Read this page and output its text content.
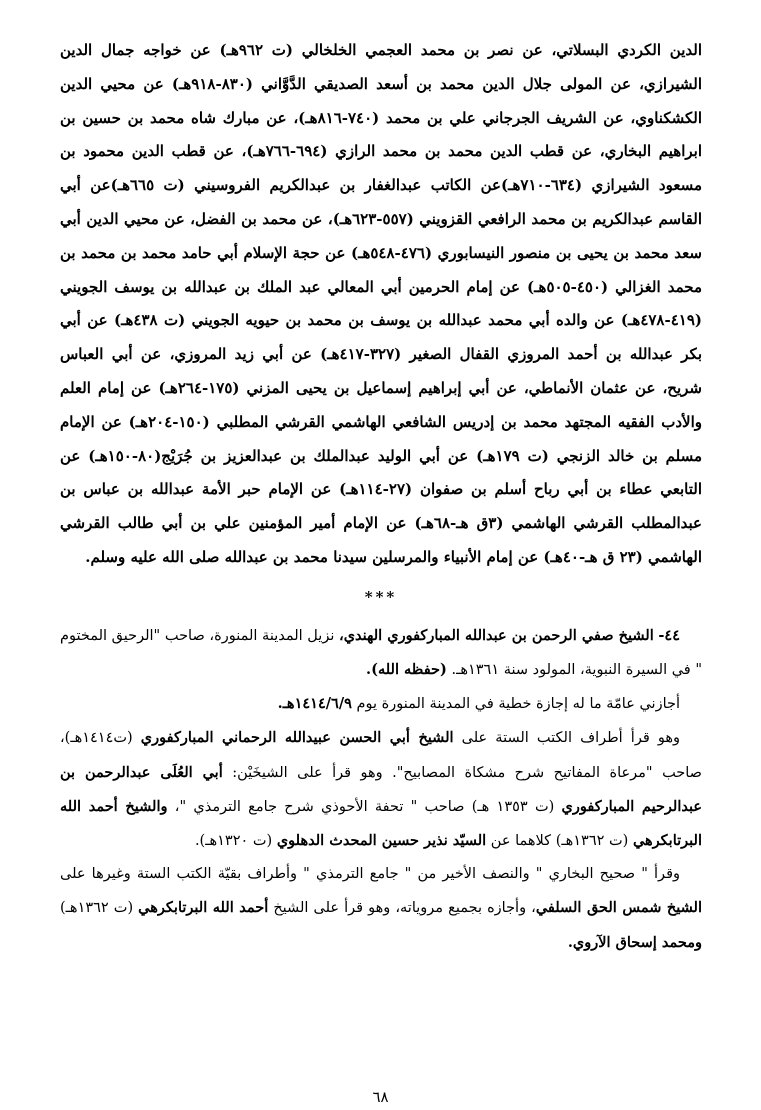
الدين الكردي البسلاتي، عن نصر بن محمد العجمي الخلخالي (ت ٩٦٢هـ) عن خواجه جمال الدين الشيرازي، عن المولى جلال الدين محمد بن أسعد الصديقي الدَّوَّاني (٨٣٠-٩١٨هـ) عن محيي الدين الكشكناوي، عن الشريف الجرجاني علي بن محمد (٧٤٠-٨١٦هـ)، عن مبارك شاه محمد بن حسين بن ابراهيم البخاري، عن قطب الدين محمد بن محمد الرازي (٦٩٤-٧٦٦هـ)، عن قطب الدين محمود بن مسعود الشيرازي (٦٣٤-٧١٠هـ)عن الكاتب عبدالغفار بن عبدالكريم الفروسيني (ت ٦٦٥هـ)عن أبي القاسم عبدالكريم بن محمد الرافعي القزويني (٥٥٧-٦٢٣هـ)، عن محمد بن الفضل، عن محيي الدين أبي سعد محمد بن يحيى بن منصور النيسابوري (٤٧٦-٥٤٨هـ) عن حجة الإسلام أبي حامد محمد بن محمد بن محمد الغزالي (٤٥٠-٥٠٥هـ) عن إمام الحرمين أبي المعالي عبد الملك بن عبدالله بن يوسف الجويني (٤١٩-٤٧٨هـ) عن والده أبي محمد عبدالله بن يوسف بن محمد بن حيويه الجويني (ت ٤٣٨هـ) عن أبي بكر عبدالله بن أحمد المروزي القفال الصغير (٣٢٧-٤١٧هـ) عن أبي زيد المروزي، عن أبي العباس شريح، عن عثمان الأنماطي، عن أبي إبراهيم إسماعيل بن يحيى المزني (١٧٥-٢٦٤هـ) عن إمام العلم والأدب الفقيه المجتهد محمد بن إدريس الشافعي الهاشمي القرشي المطلبي (١٥٠-٢٠٤هـ) عن الإمام مسلم بن خالد الزنجي (ت ١٧٩هـ) عن أبي الوليد عبدالملك بن عبدالعزيز بن جُرَيْج(٨٠-١٥٠هـ) عن التابعي عطاء بن أبي رباح أسلم بن صفوان (٢٧-١١٤هـ) عن الإمام حبر الأمة عبدالله بن عباس بن عبدالمطلب القرشي الهاشمي (٣ق هـ-٦٨هـ) عن الإمام أمير المؤمنين علي بن أبي طالب القرشي الهاشمي (٢٣ ق هـ-٤٠هـ) عن إمام الأنبياء والمرسلين سيدنا محمد بن عبدالله صلى الله عليه وسلم.

***

٤٤- الشيخ صفي الرحمن بن عبدالله المباركفوري الهندي، نزيل المدينة المنورة، صاحب "الرحيق المختوم " في السيرة النبوية، المولود سنة ١٣٦١هـ. (حفظه الله).

أجازني عامّة ما له إجازة خطية في المدينة المنورة يوم ١٤١٤/٦/٩هـ.

وهو قرأ أطراف الكتب الستة على الشيخ أبي الحسن عبيدالله الرحماني المباركفوري (ت١٤١٤هـ)، صاحب "مرعاة المفاتيح شرح مشكاة المصابيح". وهو قرأ على الشيخَيْن: أبي العُلَى عبدالرحمن بن عبدالرحيم المباركفوري (ت ١٣٥٣ هـ) صاحب " تحفة الأحوذي شرح جامع الترمذي "، والشيخ أحمد الله البرتابكرهي (ت ١٣٦٢هـ) كلاهما عن السيّد نذير حسين المحدث الدهلوي (ت ١٣٢٠هـ).

وقرأ " صحيح البخاري " والنصف الأخير من " جامع الترمذي " وأطراف بقيّة الكتب الستة وغيرها على الشيخ شمس الحق السلفي، وأجازه بجميع مروياته، وهو قرأ على الشيخ أحمد الله البرتابكرهي (ت ١٣٦٢هـ) ومحمد إسحاق الآروي.

٦٨
